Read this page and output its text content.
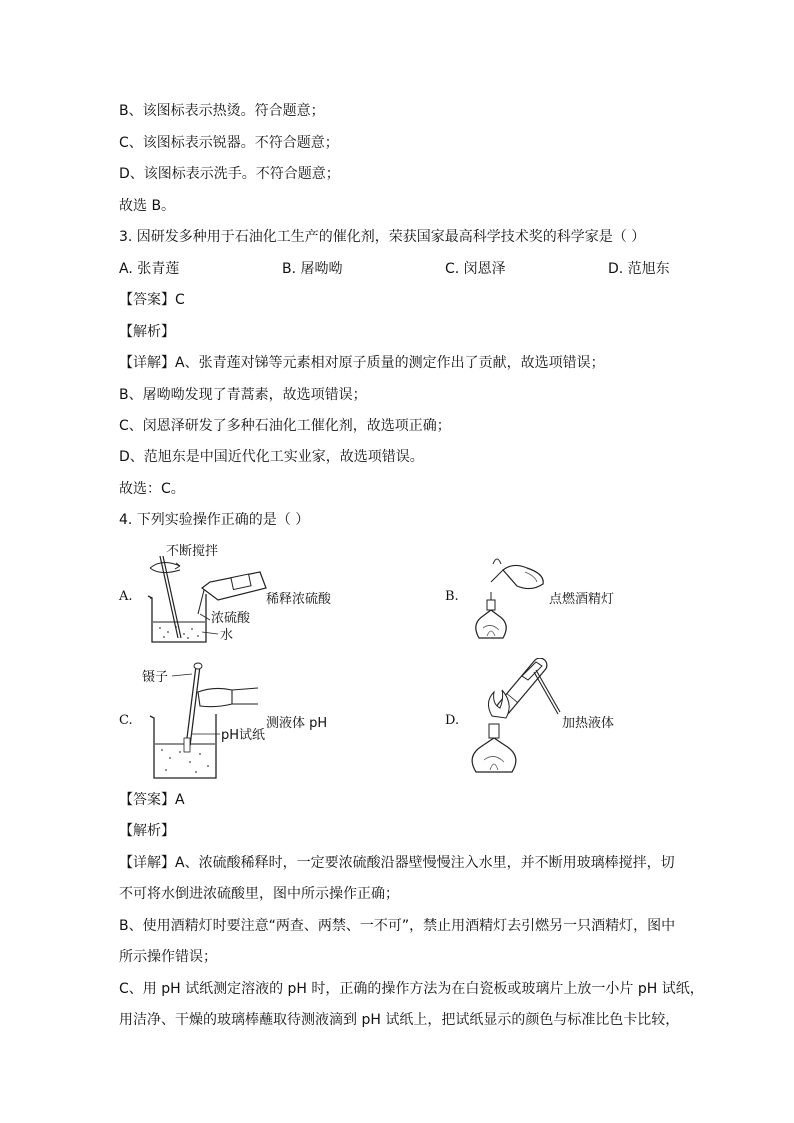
B、该图标表示热烫。符合题意；
C、该图标表示锐器。不符合题意；
D、该图标表示洗手。不符合题意；
故选 B。
3. 因研发多种用于石油化工生产的催化剂，荣获国家最高科学技术奖的科学家是（ ）
A. 张青莲	B. 屠呦呦	C. 闵恩泽	D. 范旭东
【答案】C
【解析】
【详解】A、张青莲对锑等元素相对原子质量的测定作出了贡献，故选项错误；
B、屠呦呦发现了青蒿素，故选项错误；
C、闵恩泽研发了多种石油化工催化剂，故选项正确；
D、范旭东是中国近代化工实业家，故选项错误。
故选：C。
4. 下列实验操作正确的是（ ）
A.
不断搅拌
浓硫酸
水
稀释浓硫酸	B.	点燃酒精灯
C.
镊子
pH试纸
测液体 pH	D.	加热液体
【答案】A
【解析】
【详解】A、浓硫酸稀释时，一定要浓硫酸沿器壁慢慢注入水里，并不断用玻璃棒搅拌，切
不可将水倒进浓硫酸里，图中所示操作正确；
B、使用酒精灯时要注意“两查、两禁、一不可”，禁止用酒精灯去引燃另一只酒精灯，图中
所示操作错误；
C、用 pH 试纸测定溶液的 pH 时，正确的操作方法为在白瓷板或玻璃片上放一小片 pH 试纸，
用洁净、干燥的玻璃棒蘸取待测液滴到 pH 试纸上，把试纸显示的颜色与标准比色卡比较，
